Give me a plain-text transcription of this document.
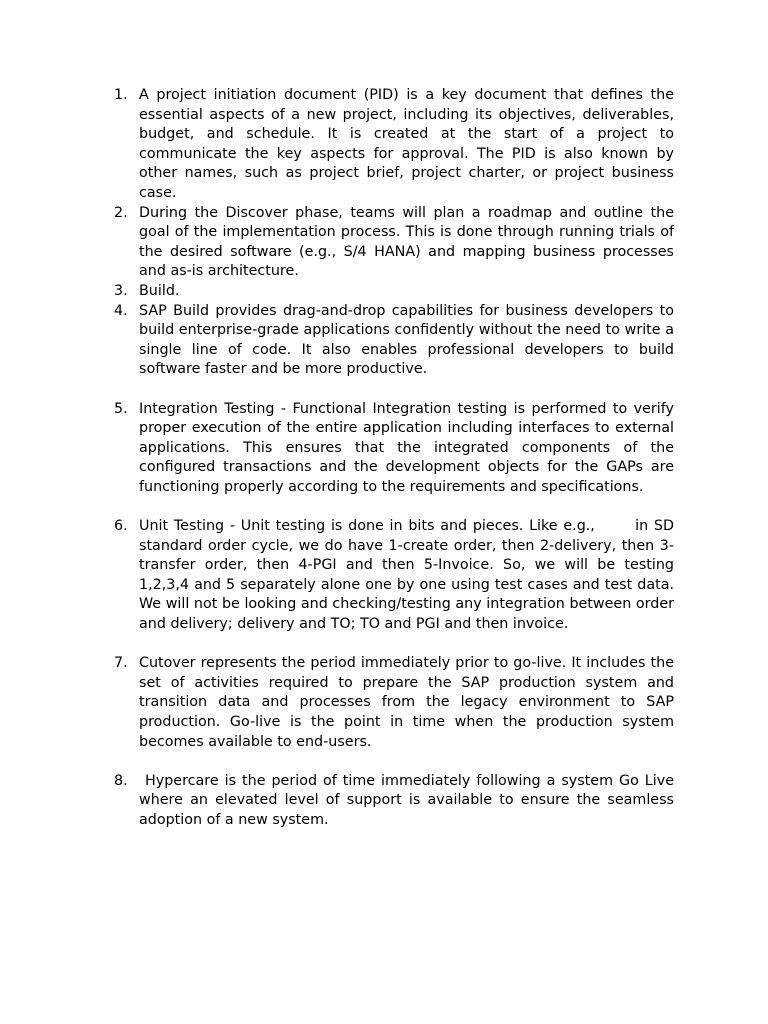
1. A project initiation document (PID) is a key document that defines the essential aspects of a new project, including its objectives, deliverables, budget, and schedule. It is created at the start of a project to communicate the key aspects for approval. The PID is also known by other names, such as project brief, project charter, or project business case.
2. During the Discover phase, teams will plan a roadmap and outline the goal of the implementation process. This is done through running trials of the desired software (e.g., S/4 HANA) and mapping business processes and as-is architecture.
3. Build.
4. SAP Build provides drag-and-drop capabilities for business developers to build enterprise-grade applications confidently without the need to write a single line of code. It also enables professional developers to build software faster and be more productive.
5. Integration Testing - Functional Integration testing is performed to verify proper execution of the entire application including interfaces to external applications. This ensures that the integrated components of the configured transactions and the development objects for the GAPs are functioning properly according to the requirements and specifications.
6. Unit Testing - Unit testing is done in bits and pieces. Like e.g.,       in SD standard order cycle, we do have 1-create order, then 2-delivery, then 3-transfer order, then 4-PGI and then 5-Invoice. So, we will be testing 1,2,3,4 and 5 separately alone one by one using test cases and test data. We will not be looking and checking/testing any integration between order and delivery; delivery and TO; TO and PGI and then invoice.
7. Cutover represents the period immediately prior to go-live. It includes the set of activities required to prepare the SAP production system and transition data and processes from the legacy environment to SAP production. Go-live is the point in time when the production system becomes available to end-users.
8. Hypercare is the period of time immediately following a system Go Live where an elevated level of support is available to ensure the seamless adoption of a new system.
